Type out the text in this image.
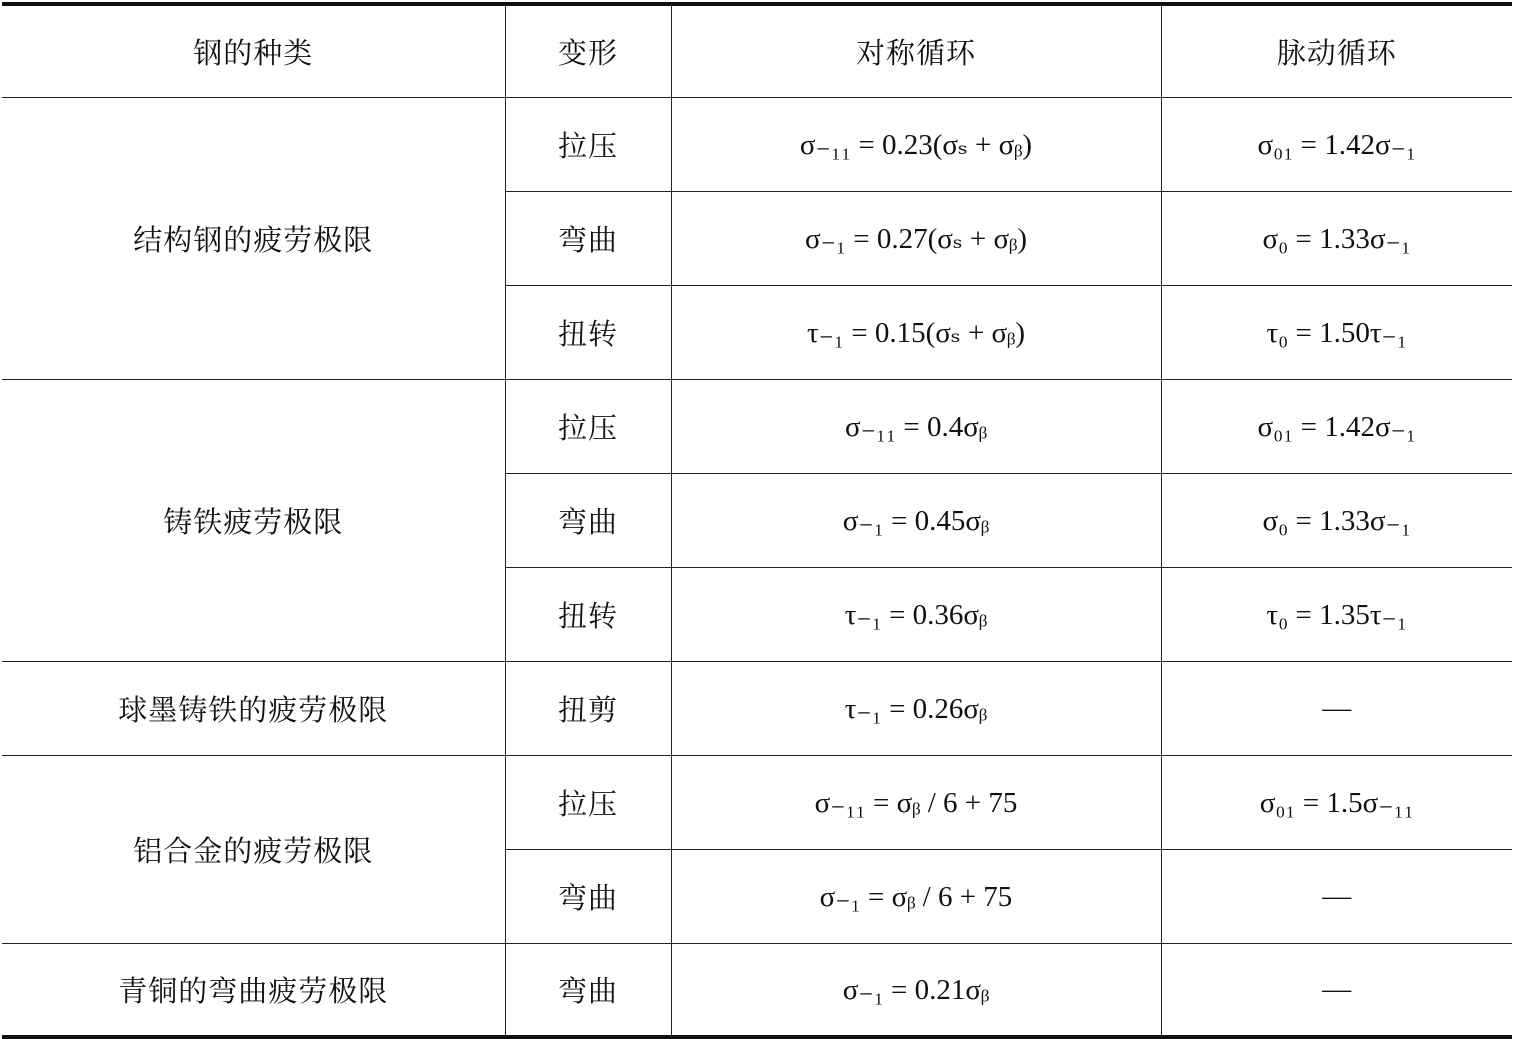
钢的种类	变形	对称循环	脉动循环
结构钢的疲劳极限	拉压	σ₋₁₁ = 0.23(σₛ + σᵦ)	σ₀₁ = 1.42σ₋₁
	弯曲	σ₋₁ = 0.27(σₛ + σᵦ)	σ₀ = 1.33σ₋₁
	扭转	τ₋₁ = 0.15(σₛ + σᵦ)	τ₀ = 1.50τ₋₁
铸铁疲劳极限	拉压	σ₋₁₁ = 0.4σᵦ	σ₀₁ = 1.42σ₋₁
	弯曲	σ₋₁ = 0.45σᵦ	σ₀ = 1.33σ₋₁
	扭转	τ₋₁ = 0.36σᵦ	τ₀ = 1.35τ₋₁
球墨铸铁的疲劳极限	扭剪	τ₋₁ = 0.26σᵦ	—
铝合金的疲劳极限	拉压	σ₋₁₁ = σᵦ / 6 + 75	σ₀₁ = 1.5σ₋₁₁
	弯曲	σ₋₁ = σᵦ / 6 + 75	—
青铜的弯曲疲劳极限	弯曲	σ₋₁ = 0.21σᵦ	—
